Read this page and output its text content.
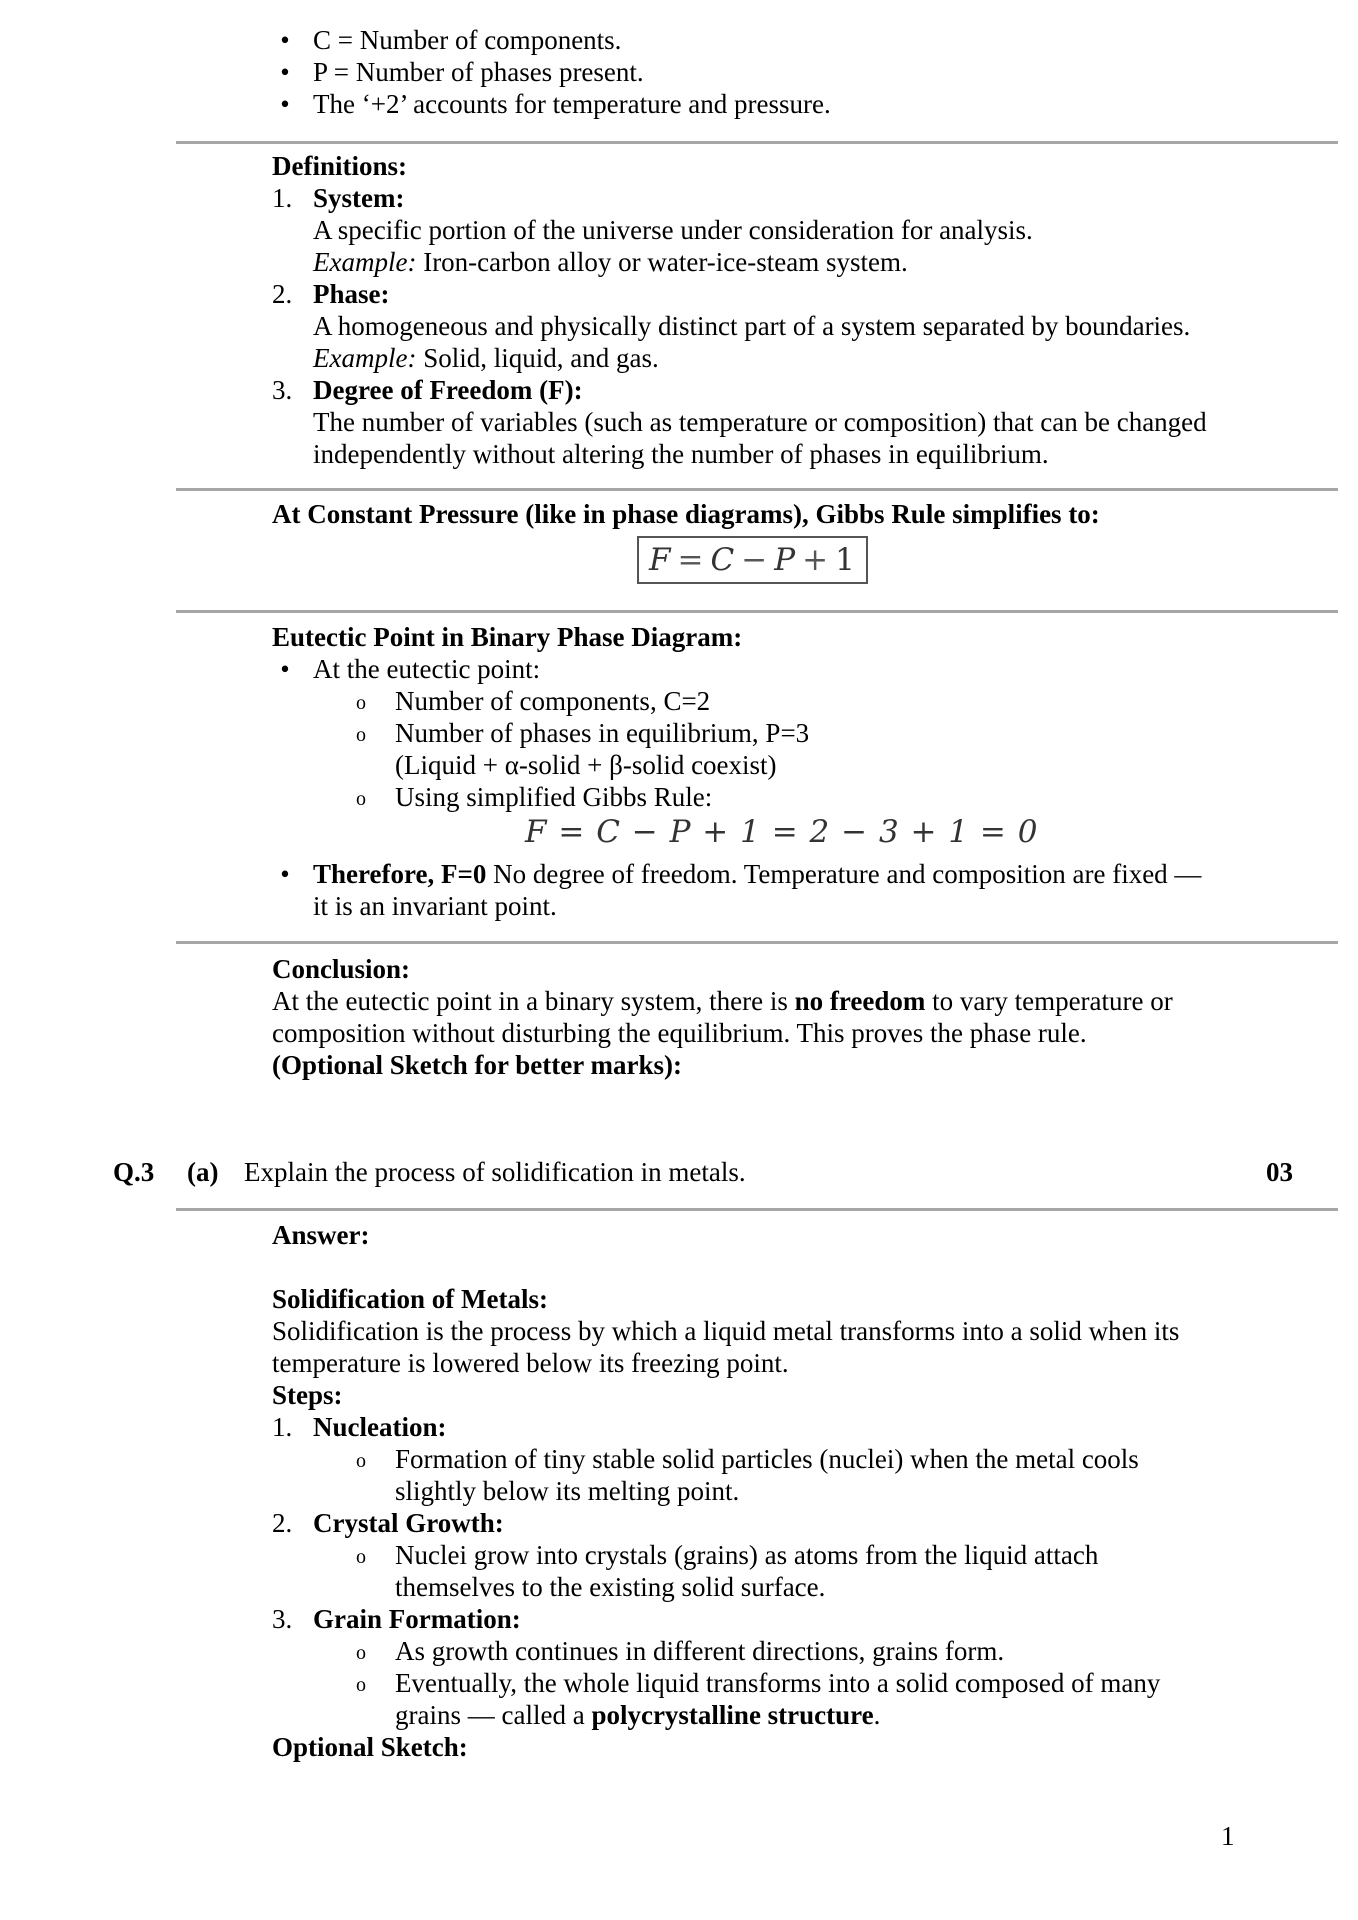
• C = Number of components.
• P = Number of phases present.
• The ‘+2’ accounts for temperature and pressure.
Definitions:
1. System:
A specific portion of the universe under consideration for analysis.
Example: Iron-carbon alloy or water-ice-steam system.
2. Phase:
A homogeneous and physically distinct part of a system separated by boundaries.
Example: Solid, liquid, and gas.
3. Degree of Freedom (F):
The number of variables (such as temperature or composition) that can be changed
independently without altering the number of phases in equilibrium.
At Constant Pressure (like in phase diagrams), Gibbs Rule simplifies to:
F = C − P + 1
Eutectic Point in Binary Phase Diagram:
• At the eutectic point:
o Number of components, C=2
o Number of phases in equilibrium, P=3
(Liquid + α-solid + β-solid coexist)
o Using simplified Gibbs Rule:
F = C − P + 1 = 2 − 3 + 1 = 0
• Therefore, F=0 No degree of freedom. Temperature and composition are fixed —
it is an invariant point.
Conclusion:
At the eutectic point in a binary system, there is no freedom to vary temperature or
composition without disturbing the equilibrium. This proves the phase rule.
(Optional Sketch for better marks):
Q.3 (a) Explain the process of solidification in metals.	03
Answer:
Solidification of Metals:
Solidification is the process by which a liquid metal transforms into a solid when its
temperature is lowered below its freezing point.
Steps:
1. Nucleation:
o Formation of tiny stable solid particles (nuclei) when the metal cools
slightly below its melting point.
2. Crystal Growth:
o Nuclei grow into crystals (grains) as atoms from the liquid attach
themselves to the existing solid surface.
3. Grain Formation:
o As growth continues in different directions, grains form.
o Eventually, the whole liquid transforms into a solid composed of many
grains — called a polycrystalline structure.
Optional Sketch:
1
